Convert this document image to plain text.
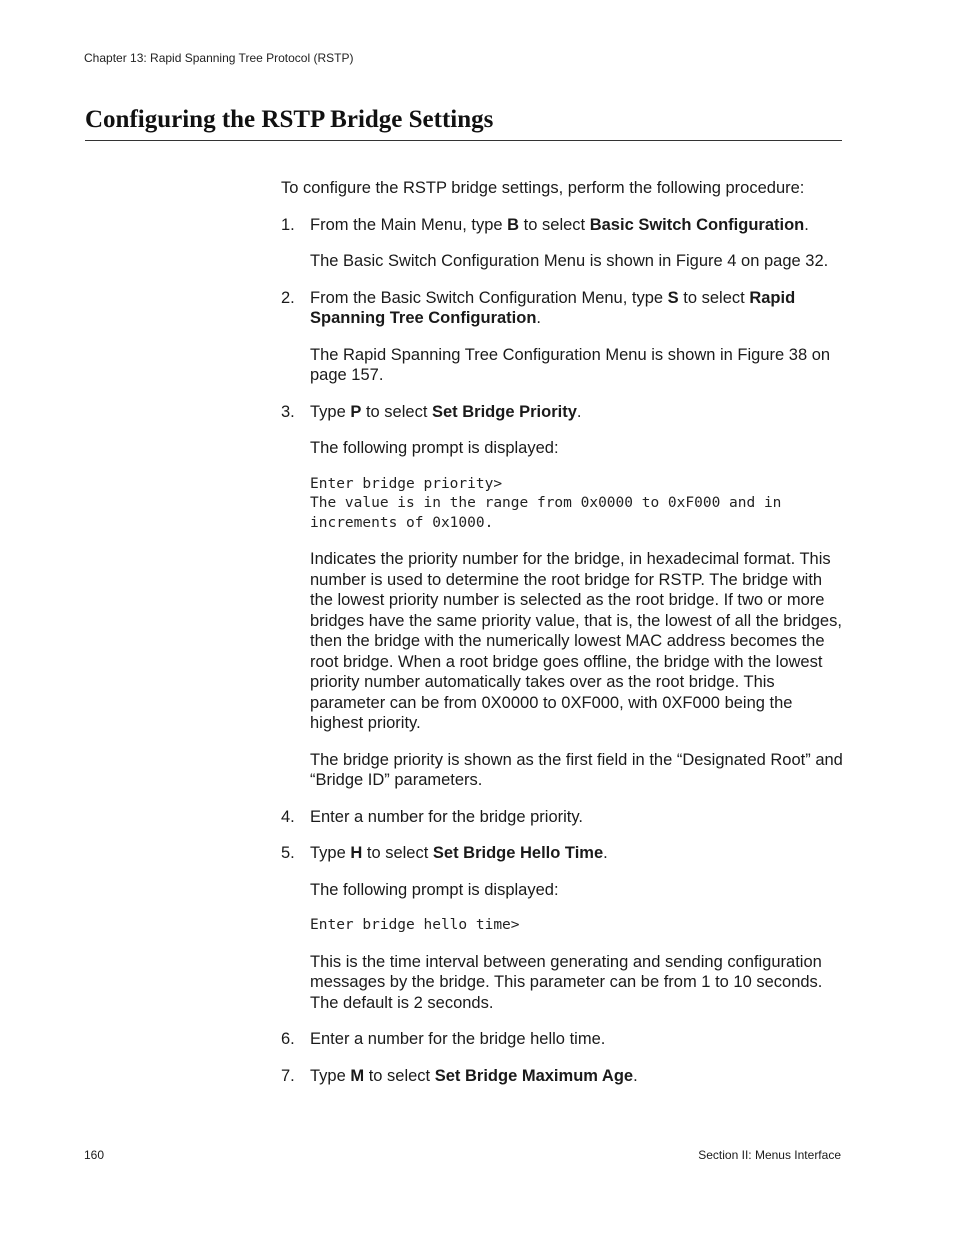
Chapter 13: Rapid Spanning Tree Protocol (RSTP)
Configuring the RSTP Bridge Settings

To configure the RSTP bridge settings, perform the following procedure:

1. From the Main Menu, type B to select Basic Switch Configuration.

The Basic Switch Configuration Menu is shown in Figure 4 on page 32.

2. From the Basic Switch Configuration Menu, type S to select Rapid Spanning Tree Configuration.

The Rapid Spanning Tree Configuration Menu is shown in Figure 38 on page 157.

3. Type P to select Set Bridge Priority.

The following prompt is displayed:

Enter bridge priority>
The value is in the range from 0x0000 to 0xF000 and in increments of 0x1000.

Indicates the priority number for the bridge, in hexadecimal format. This number is used to determine the root bridge for RSTP. The bridge with the lowest priority number is selected as the root bridge. If two or more bridges have the same priority value, that is, the lowest of all the bridges, then the bridge with the numerically lowest MAC address becomes the root bridge. When a root bridge goes offline, the bridge with the lowest priority number automatically takes over as the root bridge. This parameter can be from 0X0000 to 0XF000, with 0XF000 being the highest priority.

The bridge priority is shown as the first field in the “Designated Root” and “Bridge ID” parameters.

4. Enter a number for the bridge priority.

5. Type H to select Set Bridge Hello Time.

The following prompt is displayed:

Enter bridge hello time>

This is the time interval between generating and sending configuration messages by the bridge. This parameter can be from 1 to 10 seconds. The default is 2 seconds.

6. Enter a number for the bridge hello time.

7. Type M to select Set Bridge Maximum Age.

160	Section II: Menus Interface
